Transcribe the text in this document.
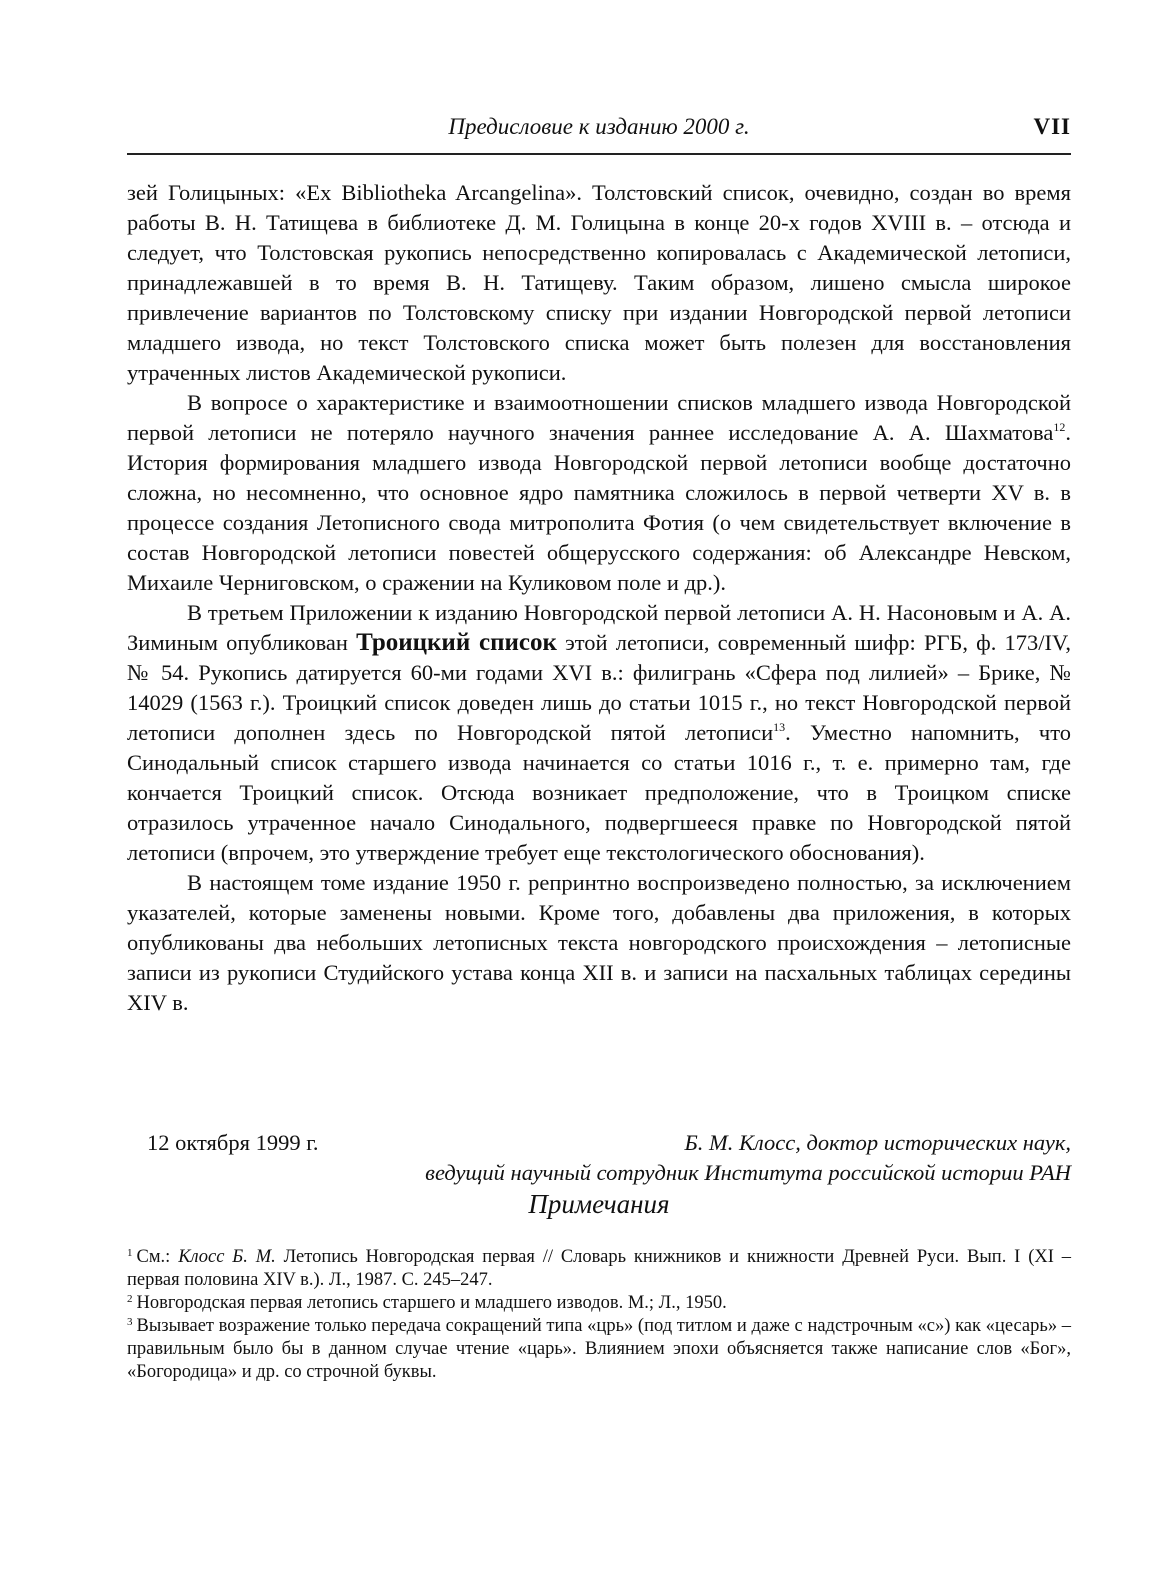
Предисловие к изданию 2000 г.	VII

зей Голицыных: «Ex Bibliotheka Arcangelina». Толстовский список, очевидно, создан во время работы В. Н. Татищева в библиотеке Д. М. Голицына в конце 20-х годов XVIII в. – отсюда и следует, что Толстовская рукопись непосредственно копировалась с Академической летописи, принадлежавшей в то время В. Н. Татищеву. Таким образом, лишено смысла широкое привлечение вариантов по Толстовскому списку при издании Новгородской первой летописи младшего извода, но текст Толстовского списка может быть полезен для восстановления утраченных листов Академической рукописи.

В вопросе о характеристике и взаимоотношении списков младшего извода Новгородской первой летописи не потеряло научного значения раннее исследование А. А. Шахматова$^{12}$. История формирования младшего извода Новгородской первой летописи вообще достаточно сложна, но несомненно, что основное ядро памятника сложилось в первой четверти XV в. в процессе создания Летописного свода митрополита Фотия (о чем свидетельствует включение в состав Новгородской летописи повестей общерусского содержания: об Александре Невском, Михаиле Черниговском, о сражении на Куликовом поле и др.).

В третьем Приложении к изданию Новгородской первой летописи А. Н. Насоновым и А. А. Зиминым опубликован Троицкий список этой летописи, современный шифр: РГБ, ф. 173/IV, № 54. Рукопись датируется 60-ми годами XVI в.: филигрань «Сфера под лилией» – Брике, № 14029 (1563 г.). Троицкий список доведен лишь до статьи 1015 г., но текст Новгородской первой летописи дополнен здесь по Новгородской пятой летописи$^{13}$. Уместно напомнить, что Синодальный список старшего извода начинается со статьи 1016 г., т. е. примерно там, где кончается Троицкий список. Отсюда возникает предположение, что в Троицком списке отразилось утраченное начало Синодального, подвергшееся правке по Новгородской пятой летописи (впрочем, это утверждение требует еще текстологического обоснования).

В настоящем томе издание 1950 г. репринтно воспроизведено полностью, за исключением указателей, которые заменены новыми. Кроме того, добавлены два приложения, в которых опубликованы два небольших летописных текста новгородского происхождения – летописные записи из рукописи Студийского устава конца XII в. и записи на пасхальных таблицах середины XIV в.

12 октября 1999 г.	Б. М. Клосс, доктор исторических наук,
ведущий научный сотрудник Института российской истории РАН
Примечания

$^1$ См.: Клосс Б. М. Летопись Новгородская первая // Словарь книжников и книжности Древней Руси. Вып. I (XI – первая половина XIV в.). Л., 1987. С. 245–247.

$^2$ Новгородская первая летопись старшего и младшего изводов. М.; Л., 1950.

$^3$ Вызывает возражение только передача сокращений типа «црь» (под титлом и даже с надстрочным «с») как «цесарь» – правильным было бы в данном случае чтение «царь». Влиянием эпохи объясняется также написание слов «Бог», «Богородица» и др. со строчной буквы.
